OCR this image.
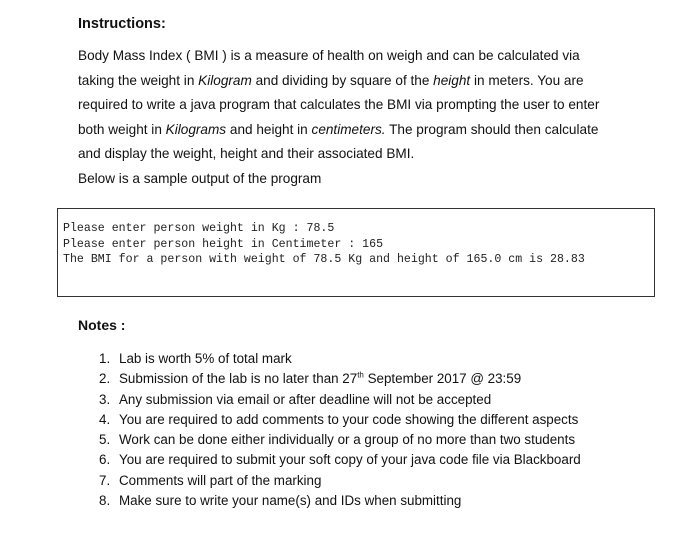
Instructions:
Body Mass Index ( BMI ) is a measure of health on weigh and can be calculated via
taking the weight in Kilogram and dividing by square of the height in meters. You are
required to write a java program that calculates the BMI via prompting the user to enter
both weight in Kilograms and height in centimeters. The program should then calculate
and display the weight, height and their associated BMI.
Below is a sample output of the program
Please enter person weight in Kg : 78.5
Please enter person height in Centimeter : 165
The BMI for a person with weight of 78.5 Kg and height of 165.0 cm is 28.83
Notes :
1. Lab is worth 5% of total mark
2. Submission of the lab is no later than 27th September 2017 @ 23:59
3. Any submission via email or after deadline will not be accepted
4. You are required to add comments to your code showing the different aspects
5. Work can be done either individually or a group of no more than two students
6. You are required to submit your soft copy of your java code file via Blackboard
7. Comments will part of the marking
8. Make sure to write your name(s) and IDs when submitting
